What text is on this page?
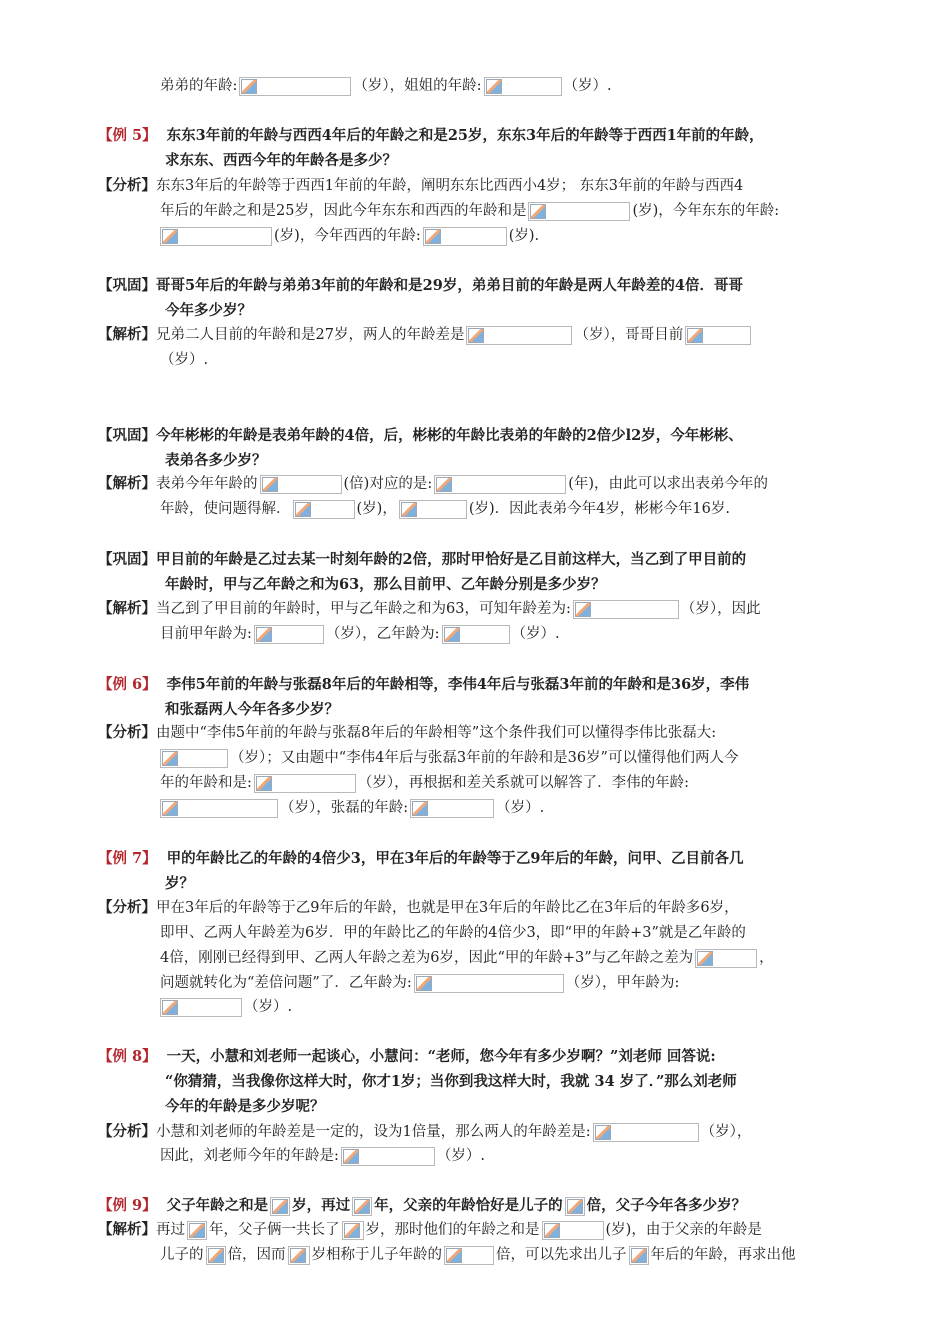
弟弟的年龄:	（岁），姐姐的年龄:	（岁）.
【例 5】 东东3年前的年龄与西西4年后的年龄之和是25岁，东东3年后的年龄等于西西1年前的年龄，
求东东、西西今年的年龄各是多少？
【分析】东东3年后的年龄等于西西1年前的年龄，阐明东东比西西小4岁； 东东3年前的年龄与西西4
年后的年龄之和是25岁，因此今年东东和西西的年龄和是	(岁)，今年东东的年龄:
(岁)，今年西西的年龄:	(岁).
【巩固】哥哥5年后的年龄与弟弟3年前的年龄和是29岁，弟弟目前的年龄是两人年龄差的4倍．哥哥
今年多少岁？
【解析】兄弟二人目前的年龄和是27岁，两人的年龄差是	（岁），哥哥目前
（岁）.
【巩固】今年彬彬的年龄是表弟年龄的4倍，后，彬彬的年龄比表弟的年龄的2倍少l2岁，今年彬彬、
表弟各多少岁？
【解析】表弟今年年龄的	(倍)对应的是:	(年)，由此可以求出表弟今年的
年龄，使问题得解．	(岁)，	(岁)．因此表弟今年4岁，彬彬今年16岁.
【巩固】甲目前的年龄是乙过去某一时刻年龄的2倍，那时甲恰好是乙目前这样大，当乙到了甲目前的
年龄时，甲与乙年龄之和为63，那么目前甲、乙年龄分别是多少岁？
【解析】当乙到了甲目前的年龄时，甲与乙年龄之和为63，可知年龄差为:	（岁），因此
目前甲年龄为:	（岁），乙年龄为:	（岁）.
【例 6】 李伟5年前的年龄与张磊8年后的年龄相等，李伟4年后与张磊3年前的年龄和是36岁，李伟
和张磊两人今年各多少岁？
【分析】由题中“李伟5年前的年龄与张磊8年后的年龄相等”这个条件我们可以懂得李伟比张磊大:
（岁）；又由题中“李伟4年后与张磊3年前的年龄和是36岁”可以懂得他们两人今
年的年龄和是:	（岁），再根据和差关系就可以解答了．李伟的年龄:
（岁），张磊的年龄:	（岁）.
【例 7】 甲的年龄比乙的年龄的4倍少3，甲在3年后的年龄等于乙9年后的年龄，问甲、乙目前各几
岁？
【分析】甲在3年后的年龄等于乙9年后的年龄，也就是甲在3年后的年龄比乙在3年后的年龄多6岁，
即甲、乙两人年龄差为6岁．甲的年龄比乙的年龄的4倍少3，即“甲的年龄+3”就是乙年龄的
4倍，刚刚已经得到甲、乙两人年龄之差为6岁，因此“甲的年龄+3”与乙年龄之差为	，
问题就转化为“差倍问题”了．乙年龄为:	（岁），甲年龄为:
（岁）.
【例 8】 一天，小慧和刘老师一起谈心，小慧问：“老师，您今年有多少岁啊？”刘老师 回答说:
“你猜猜，当我像你这样大时，你才1岁；当你到我这样大时，我就 34 岁了．”那么刘老师
今年的年龄是多少岁呢？
【分析】小慧和刘老师的年龄差是一定的，设为1倍量，那么两人的年龄差是:	（岁），
因此，刘老师今年的年龄是:	（岁）.
【例 9】 父子年龄之和是 岁，再过 年，父亲的年龄恰好是儿子的 倍，父子今年各多少岁？
【解析】再过 年，父子俩一共长了 岁，那时他们的年龄之和是	(岁)，由于父亲的年龄是
儿子的 倍，因而 岁相称于儿子年龄的	倍，可以先求出儿子 年后的年龄，再求出他
